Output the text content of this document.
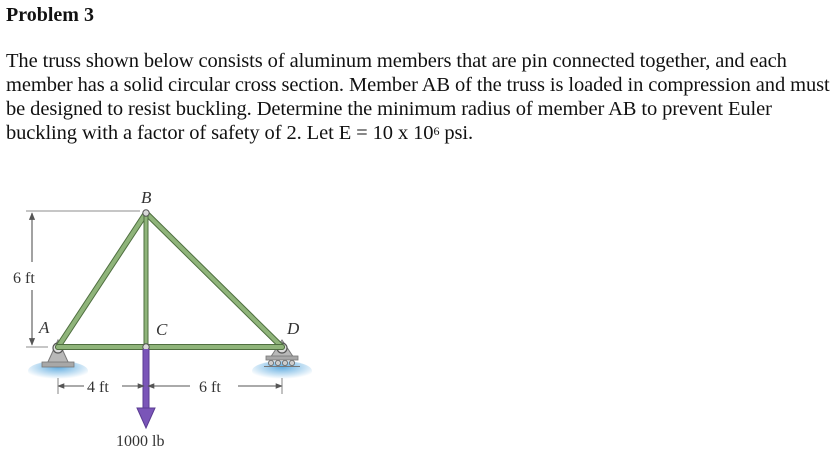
Problem 3

The truss shown below consists of aluminum members that are pin connected together, and each member has a solid circular cross section. Member AB of the truss is loaded in compression and must be designed to resist buckling. Determine the minimum radius of member AB to prevent Euler buckling with a factor of safety of 2. Let E = 10 x $10^6$ psi.

6 ft
B
A	C	D
1000 lb
4 ft	6 ft
